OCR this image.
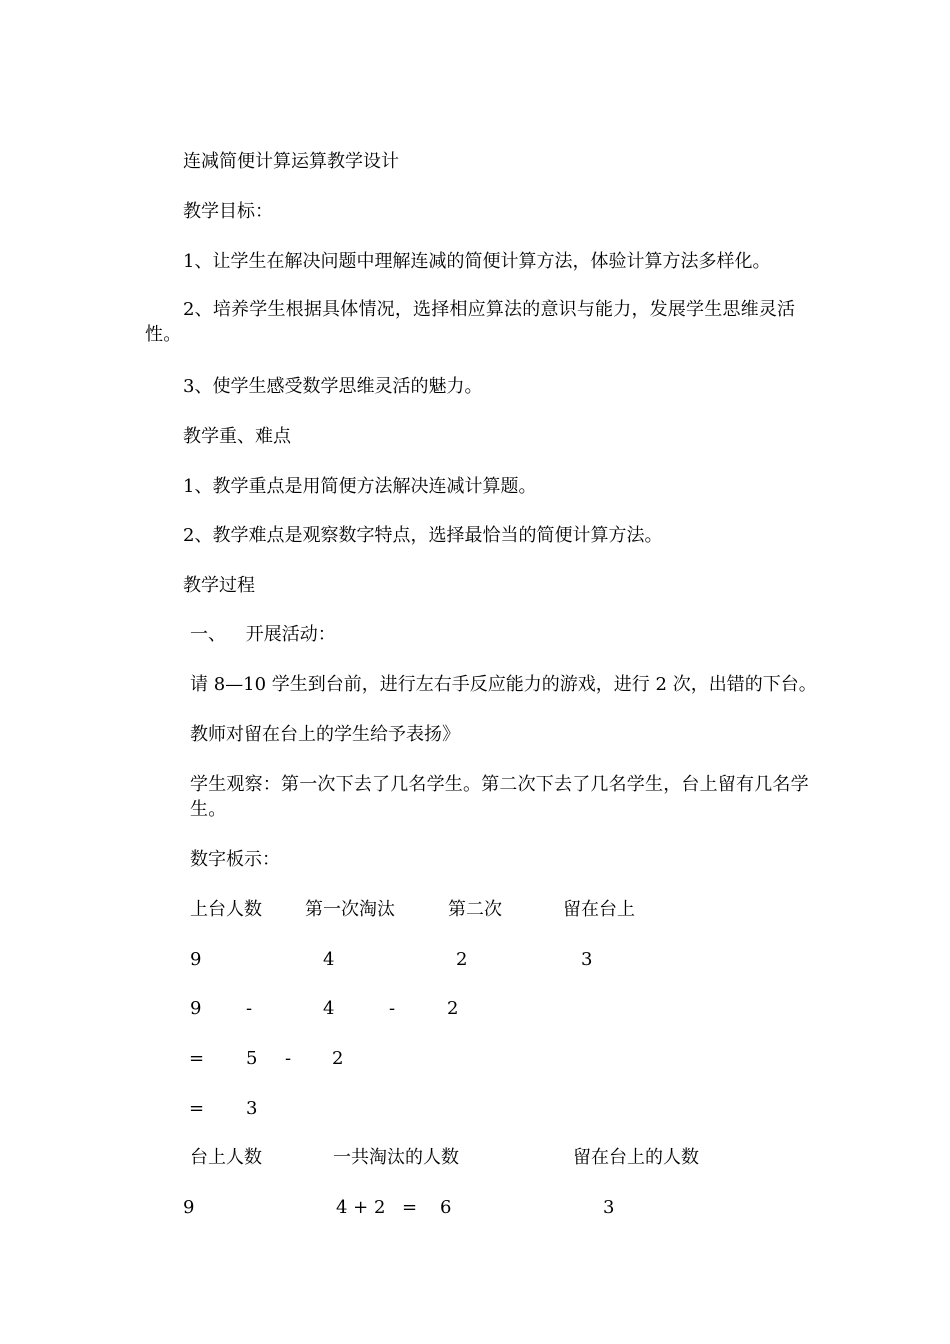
连减简便计算运算教学设计
教学目标：
1、让学生在解决问题中理解连减的简便计算方法，体验计算方法多样化。
2、培养学生根据具体情况，选择相应算法的意识与能力，发展学生思维灵活性。
3、使学生感受数学思维灵活的魅力。
教学重、难点
1、教学重点是用简便方法解决连减计算题。
2、教学难点是观察数字特点，选择最恰当的简便计算方法。
教学过程
一、 开展活动：
请 8—10 学生到台前，进行左右手反应能力的游戏，进行 2 次，出错的下台。
教师对留在台上的学生给予表扬》
学生观察：第一次下去了几名学生。第二次下去了几名学生，台上留有几名学生。
数字板示：
上台人数 第一次淘汰	第二次	留在台上
9	4	2	3
9 -	4	-	2
= 5 - 2
= 3
台上人数	一共淘汰的人数	留在台上的人数
9	4 + 2 = 6	3
